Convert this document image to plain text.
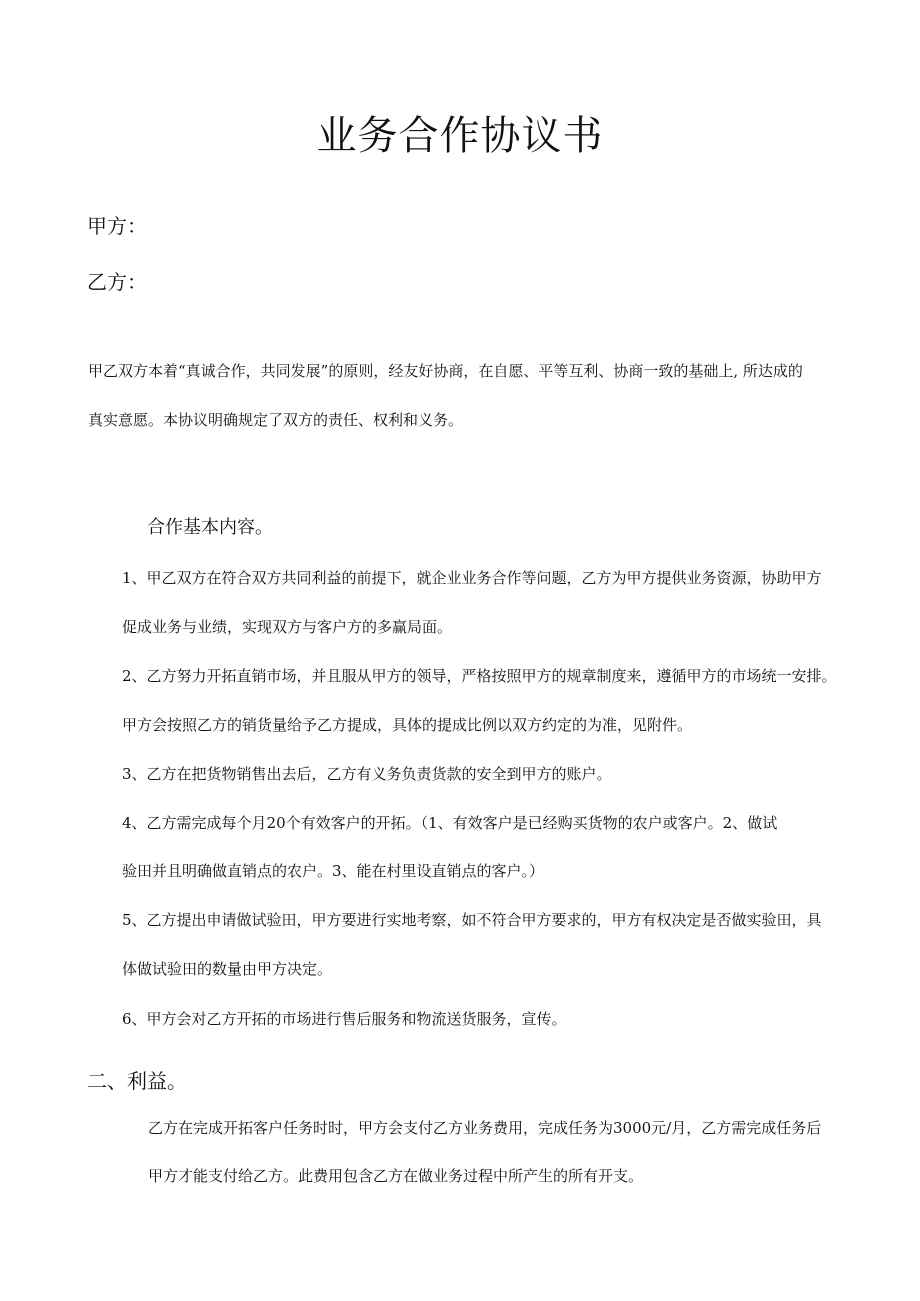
业务合作协议书
甲方：
乙方：
甲乙双方本着“真诚合作，共同发展”的原则，经友好协商，在自愿、平等互利、协商一致的基础上, 所达成的
真实意愿。本协议明确规定了双方的责任、权利和义务。
合作基本内容。
1、甲乙双方在符合双方共同利益的前提下，就企业业务合作等问题，乙方为甲方提供业务资源，协助甲方
促成业务与业绩，实现双方与客户方的多赢局面。
2、乙方努力开拓直销市场，并且服从甲方的领导，严格按照甲方的规章制度来，遵循甲方的市场统一安排。
甲方会按照乙方的销货量给予乙方提成，具体的提成比例以双方约定的为准，见附件。
3、乙方在把货物销售出去后，乙方有义务负责货款的安全到甲方的账户。
4、乙方需完成每个月20个有效客户的开拓。（1、有效客户是已经购买货物的农户或客户。2、做试
验田并且明确做直销点的农户。3、能在村里设直销点的客户。）
5、乙方提出申请做试验田，甲方要进行实地考察，如不符合甲方要求的，甲方有权决定是否做实验田，具
体做试验田的数量由甲方决定。
6、甲方会对乙方开拓的市场进行售后服务和物流送货服务，宣传。
二、利益。
乙方在完成开拓客户任务时时，甲方会支付乙方业务费用，完成任务为3000元/月，乙方需完成任务后
甲方才能支付给乙方。此费用包含乙方在做业务过程中所产生的所有开支。
